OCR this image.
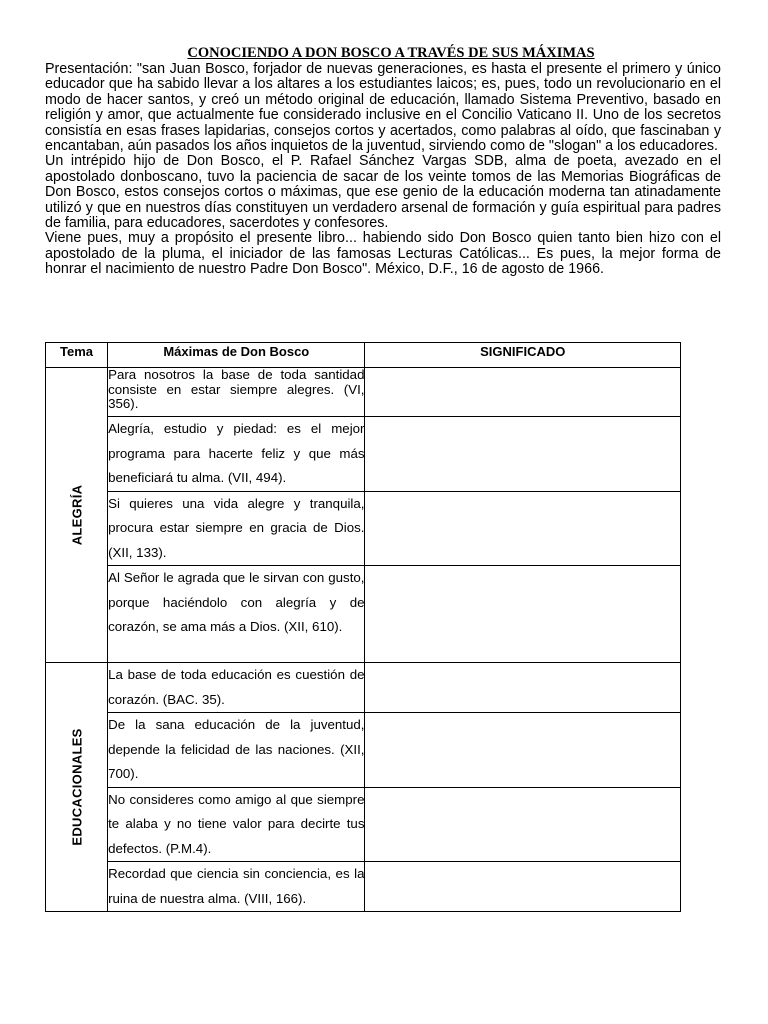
CONOCIENDO A DON BOSCO A TRAVÉS DE SUS MÁXIMAS

Presentación: "san Juan Bosco, forjador de nuevas generaciones, es hasta el presente el primero y único educador que ha sabido llevar a los altares a los estudiantes laicos; es, pues, todo un revolucionario en el modo de hacer santos, y creó un método original de educación, llamado Sistema Preventivo, basado en religión y amor, que actualmente fue considerado inclusive en el Concilio Vaticano II. Uno de los secretos consistía en esas frases lapidarias, consejos cortos y acertados, como palabras al oído, que fascinaban y encantaban, aún pasados los años inquietos de la juventud, sirviendo como de "slogan" a los educadores.

Un intrépido hijo de Don Bosco, el P. Rafael Sánchez Vargas SDB, alma de poeta, avezado en el apostolado donboscano, tuvo la paciencia de sacar de los veinte tomos de las Memorias Biográficas de Don Bosco, estos consejos cortos o máximas, que ese genio de la educación moderna tan atinadamente utilizó y que en nuestros días constituyen un verdadero arsenal de formación y guía espiritual para padres de familia, para educadores, sacerdotes y confesores.

Viene pues, muy a propósito el presente libro... habiendo sido Don Bosco quien tanto bien hizo con el apostolado de la pluma, el iniciador de las famosas Lecturas Católicas... Es pues, la mejor forma de honrar el nacimiento de nuestro Padre Don Bosco". México, D.F., 16 de agosto de 1966.

Tema	Máximas de Don Bosco	SIGNIFICADO

ALEGRÍA	Para nosotros la base de toda santidad consiste en estar siempre alegres. (VI, 356).	
	Alegría, estudio y piedad: es el mejor programa para hacerte feliz y que más beneficiará tu alma. (VII, 494).	
	Si quieres una vida alegre y tranquila, procura estar siempre en gracia de Dios. (XII, 133).	
	Al Señor le agrada que le sirvan con gusto, porque haciéndolo con alegría y de corazón, se ama más a Dios. (XII, 610).	

EDUCACIONALES	La base de toda educación es cuestión de corazón. (BAC. 35).	
	De la sana educación de la juventud, depende la felicidad de las naciones. (XII, 700).	
	No consideres como amigo al que siempre te alaba y no tiene valor para decirte tus defectos. (P.M.4).	
	Recordad que ciencia sin conciencia, es la ruina de nuestra alma. (VIII, 166).	
